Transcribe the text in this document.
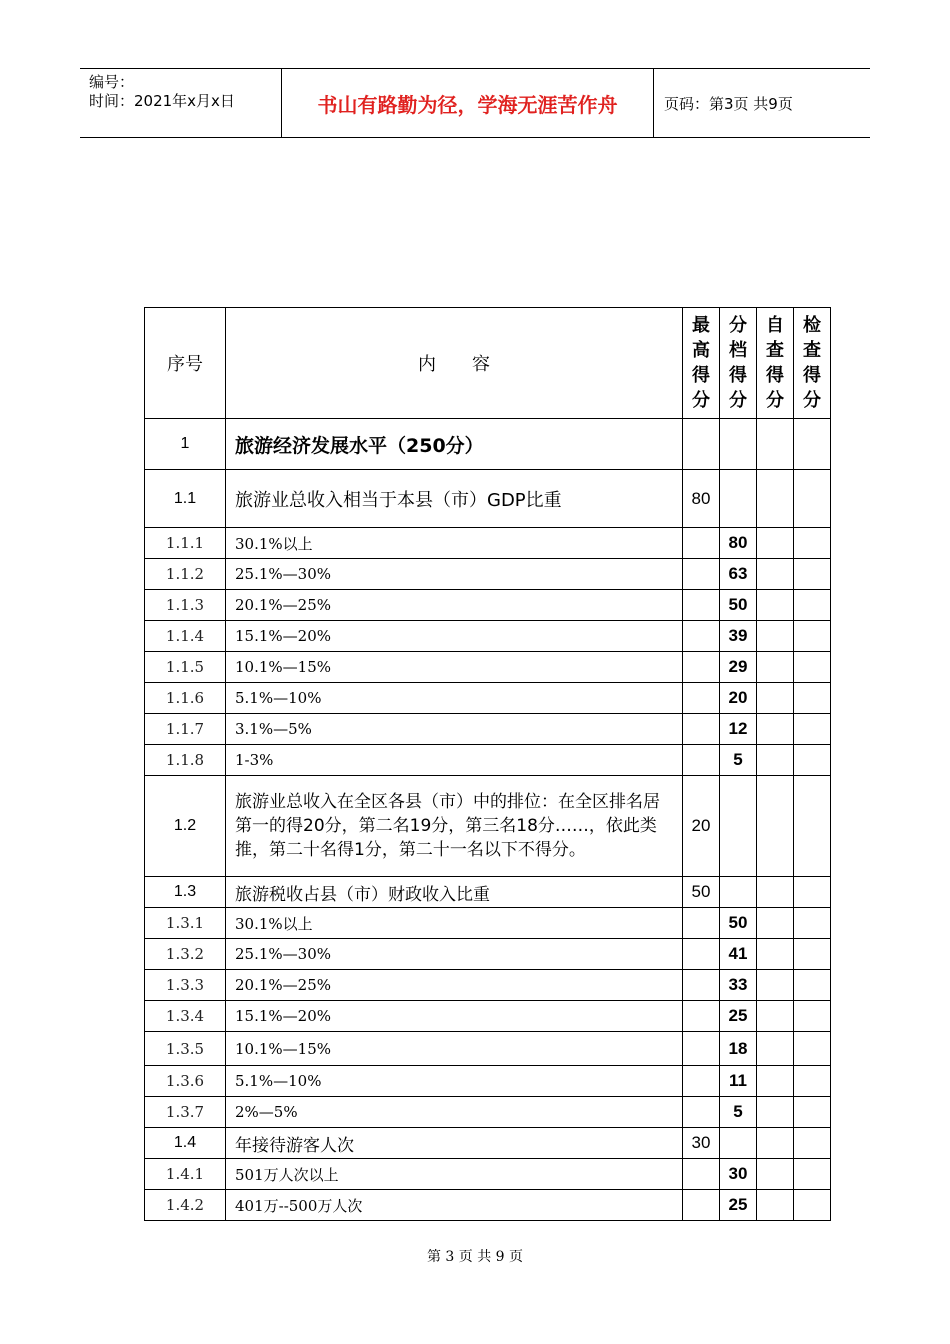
编号：
时间：2021年x月x日	书山有路勤为径，学海无涯苦作舟	页码：第3页 共9页
序号	内　　容	最
高
得
分	分
档
得
分	自
查
得
分	检
查
得
分
1	旅游经济发展水平（250分）				
1.1	旅游业总收入相当于本县（市）GDP比重	80			
1.1.1	30.1%以上		80		
1.1.2	25.1%—30%		63		
1.1.3	20.1%—25%		50		
1.1.4	15.1%—20%		39		
1.1.5	10.1%—15%		29		
1.1.6	5.1%—10%		20		
1.1.7	3.1%—5%		12		
1.1.8	1-3%		5		
1.2	旅游业总收入在全区各县（市）中的排位：在全区排名居第一的得20分，第二名19分，第三名18分……，依此类推，第二十名得1分，第二十一名以下不得分。	20			
1.3	旅游税收占县（市）财政收入比重	50			
1.3.1	30.1%以上		50		
1.3.2	25.1%—30%		41		
1.3.3	20.1%—25%		33		
1.3.4	15.1%—20%		25		
1.3.5	10.1%—15%		18		
1.3.6	5.1%—10%		11		
1.3.7	2%—5%		5		
1.4	年接待游客人次	30			
1.4.1	501万人次以上		30		
1.4.2	401万--500万人次		25		
第 3 页 共 9 页
